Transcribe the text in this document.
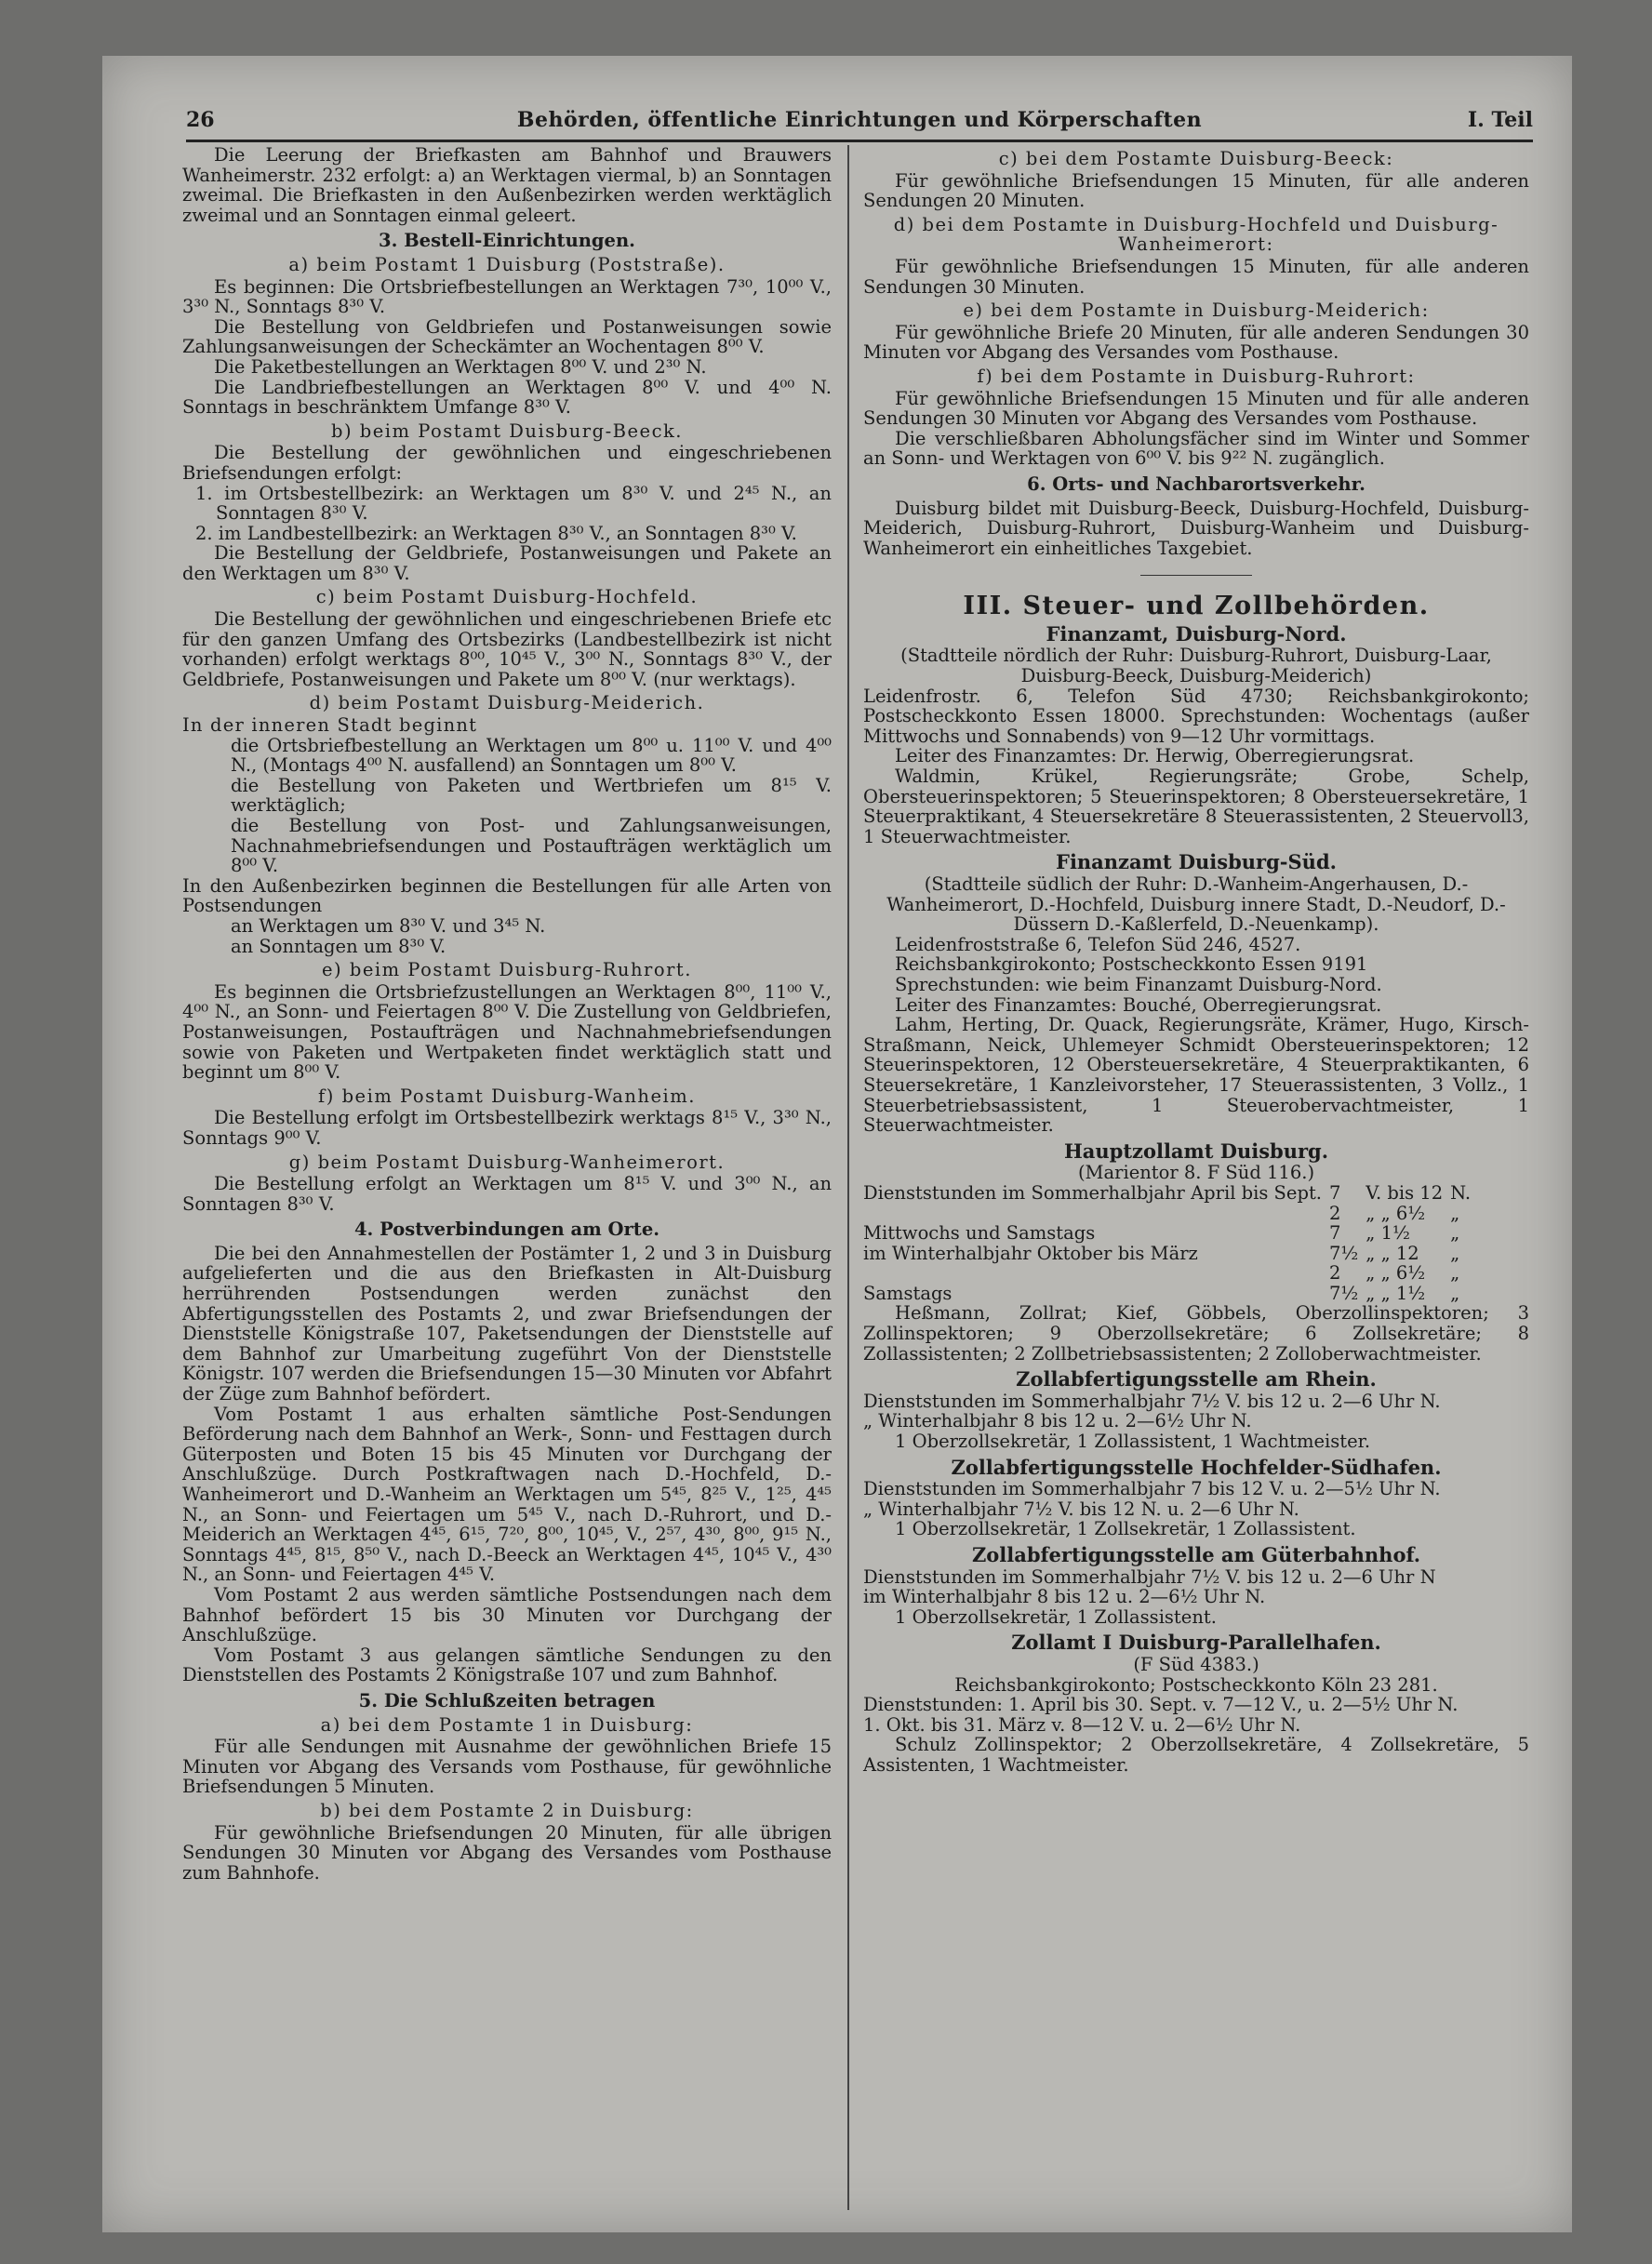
26	Behörden, öffentliche Einrichtungen und Körperschaften	I. Teil

Die Leerung der Briefkasten am Bahnhof und Brauwers Wanheimerstr. 232 erfolgt: a) an Werktagen viermal, b) an Sonntagen zweimal. Die Briefkasten in den Außenbezirken werden werktäglich zweimal und an Sonntagen einmal geleert.

3. Bestell-Einrichtungen.

a) beim Postamt 1 Duisburg (Poststraße).

Es beginnen: Die Ortsbriefbestellungen an Werktagen 7³⁰, 10⁰⁰ V., 3³⁰ N., Sonntags 8³⁰ V.

Die Bestellung von Geldbriefen und Postanweisungen sowie Zahlungsanweisungen der Scheckämter an Wochentagen 8⁰⁰ V.

Die Paketbestellungen an Werktagen 8⁰⁰ V. und 2³⁰ N.

Die Landbriefbestellungen an Werktagen 8⁰⁰ V. und 4⁰⁰ N. Sonntags in beschränktem Umfange 8³⁰ V.

b) beim Postamt Duisburg-Beeck.

Die Bestellung der gewöhnlichen und eingeschriebenen Briefsendungen erfolgt:

1. im Ortsbestellbezirk: an Werktagen um 8³⁰ V. und 2⁴⁵ N., an Sonntagen 8³⁰ V.

2. im Landbestellbezirk: an Werktagen 8³⁰ V., an Sonntagen 8³⁰ V.

Die Bestellung der Geldbriefe, Postanweisungen und Pakete an den Werktagen um 8³⁰ V.

c) beim Postamt Duisburg-Hochfeld.

Die Bestellung der gewöhnlichen und eingeschriebenen Briefe etc für den ganzen Umfang des Ortsbezirks (Landbestellbezirk ist nicht vorhanden) erfolgt werktags 8⁰⁰, 10⁴⁵ V., 3⁰⁰ N., Sonntags 8³⁰ V., der Geldbriefe, Postanweisungen und Pakete um 8⁰⁰ V. (nur werktags).

d) beim Postamt Duisburg-Meiderich.

In der inneren Stadt beginnt

die Ortsbriefbestellung an Werktagen um 8⁰⁰ u. 11⁰⁰ V. und 4⁰⁰ N., (Montags 4⁰⁰ N. ausfallend) an Sonntagen um 8⁰⁰ V.

die Bestellung von Paketen und Wertbriefen um 8¹⁵ V. werktäglich;

die Bestellung von Post- und Zahlungsanweisungen, Nachnahmebriefsendungen und Postaufträgen werktäglich um 8⁰⁰ V.

In den Außenbezirken beginnen die Bestellungen für alle Arten von Postsendungen

an Werktagen um 8³⁰ V. und 3⁴⁵ N.

an Sonntagen um 8³⁰ V.

e) beim Postamt Duisburg-Ruhrort.

Es beginnen die Ortsbriefzustellungen an Werktagen 8⁰⁰, 11⁰⁰ V., 4⁰⁰ N., an Sonn- und Feiertagen 8⁰⁰ V. Die Zustellung von Geldbriefen, Postanweisungen, Postaufträgen und Nachnahmebriefsendungen sowie von Paketen und Wertpaketen findet werktäglich statt und beginnt um 8⁰⁰ V.

f) beim Postamt Duisburg-Wanheim.

Die Bestellung erfolgt im Ortsbestellbezirk werktags 8¹⁵ V., 3³⁰ N., Sonntags 9⁰⁰ V.

g) beim Postamt Duisburg-Wanheimerort.

Die Bestellung erfolgt an Werktagen um 8¹⁵ V. und 3⁰⁰ N., an Sonntagen 8³⁰ V.

4. Postverbindungen am Orte.

Die bei den Annahmestellen der Postämter 1, 2 und 3 in Duisburg aufgelieferten und die aus den Briefkasten in Alt-Duisburg herrührenden Postsendungen werden zunächst den Abfertigungsstellen des Postamts 2, und zwar Briefsendungen der Dienststelle Königstraße 107, Paketsendungen der Dienststelle auf dem Bahnhof zur Umarbeitung zugeführt Von der Dienststelle Königstr. 107 werden die Briefsendungen 15—30 Minuten vor Abfahrt der Züge zum Bahnhof befördert.

Vom Postamt 1 aus erhalten sämtliche Post-Sendungen Beförderung nach dem Bahnhof an Werk-, Sonn- und Festtagen durch Güterposten und Boten 15 bis 45 Minuten vor Durchgang der Anschlußzüge. Durch Postkraftwagen nach D.-Hochfeld, D.-Wanheimerort und D.-Wanheim an Werktagen um 5⁴⁵, 8²⁵ V., 1²⁵, 4⁴⁵ N., an Sonn- und Feiertagen um 5⁴⁵ V., nach D.-Ruhrort, und D.-Meiderich an Werktagen 4⁴⁵, 6¹⁵, 7²⁰, 8⁰⁰, 10⁴⁵, V., 2⁵⁷, 4³⁰, 8⁰⁰, 9¹⁵ N., Sonntags 4⁴⁵, 8¹⁵, 8⁵⁰ V., nach D.-Beeck an Werktagen 4⁴⁵, 10⁴⁵ V., 4³⁰ N., an Sonn- und Feiertagen 4⁴⁵ V.

Vom Postamt 2 aus werden sämtliche Postsendungen nach dem Bahnhof befördert 15 bis 30 Minuten vor Durchgang der Anschlußzüge.

Vom Postamt 3 aus gelangen sämtliche Sendungen zu den Dienststellen des Postamts 2 Königstraße 107 und zum Bahnhof.

5. Die Schlußzeiten betragen

a) bei dem Postamte 1 in Duisburg:

Für alle Sendungen mit Ausnahme der gewöhnlichen Briefe 15 Minuten vor Abgang des Versands vom Posthause, für gewöhnliche Briefsendungen 5 Minuten.

b) bei dem Postamte 2 in Duisburg:

Für gewöhnliche Briefsendungen 20 Minuten, für alle übrigen Sendungen 30 Minuten vor Abgang des Versandes vom Posthause zum Bahnhofe.

c) bei dem Postamte Duisburg-Beeck:

Für gewöhnliche Briefsendungen 15 Minuten, für alle anderen Sendungen 20 Minuten.

d) bei dem Postamte in Duisburg-Hochfeld und Duisburg-Wanheimerort:

Für gewöhnliche Briefsendungen 15 Minuten, für alle anderen Sendungen 30 Minuten.

e) bei dem Postamte in Duisburg-Meiderich:

Für gewöhnliche Briefe 20 Minuten, für alle anderen Sendungen 30 Minuten vor Abgang des Versandes vom Posthause.

f) bei dem Postamte in Duisburg-Ruhrort:

Für gewöhnliche Briefsendungen 15 Minuten und für alle anderen Sendungen 30 Minuten vor Abgang des Versandes vom Posthause.

Die verschließbaren Abholungsfächer sind im Winter und Sommer an Sonn- und Werktagen von 6⁰⁰ V. bis 9²² N. zugänglich.

6. Orts- und Nachbarortsverkehr.

Duisburg bildet mit Duisburg-Beeck, Duisburg-Hochfeld, Duisburg-Meiderich, Duisburg-Ruhrort, Duisburg-Wanheim und Duisburg-Wanheimerort ein einheitliches Taxgebiet.

III. Steuer- und Zollbehörden.

Finanzamt, Duisburg-Nord.

(Stadtteile nördlich der Ruhr: Duisburg-Ruhrort, Duisburg-Laar, Duisburg-Beeck, Duisburg-Meiderich)

Leidenfrostr. 6, Telefon Süd 4730; Reichsbankgirokonto; Postscheckkonto Essen 18000. Sprechstunden: Wochentags (außer Mittwochs und Sonnabends) von 9—12 Uhr vormittags.

Leiter des Finanzamtes: Dr. Herwig, Oberregierungsrat.

Waldmin, Krükel, Regierungsräte; Grobe, Schelp, Obersteuerinspektoren; 5 Steuerinspektoren; 8 Obersteuersekretäre, 1 Steuerpraktikant, 4 Steuersekretäre 8 Steuerassistenten, 2 Steuervoll3, 1 Steuerwachtmeister.

Finanzamt Duisburg-Süd.

(Stadtteile südlich der Ruhr: D.-Wanheim-Angerhausen, D.-Wanheimerort, D.-Hochfeld, Duisburg innere Stadt, D.-Neudorf, D.-Düssern D.-Kaßlerfeld, D.-Neuenkamp).

Leidenfroststraße 6, Telefon Süd 246, 4527.

Reichsbankgirokonto; Postscheckkonto Essen 9191

Sprechstunden: wie beim Finanzamt Duisburg-Nord.

Leiter des Finanzamtes: Bouché, Oberregierungsrat.

Lahm, Herting, Dr. Quack, Regierungsräte, Krämer, Hugo, Kirsch-Straßmann, Neick, Uhlemeyer Schmidt Obersteuerinspektoren; 12 Steuerinspektoren, 12 Obersteuersekretäre, 4 Steuerpraktikanten, 6 Steuersekretäre, 1 Kanzleivorsteher, 17 Steuerassistenten, 3 Vollz., 1 Steuerbetriebsassistent, 1 Steuerobervachtmeister, 1 Steuerwachtmeister.

Hauptzollamt Duisburg.

(Marientor 8. F Süd 116.)

Dienststunden im Sommerhalbjahr April bis Sept.	7	V. bis 12	N.
	2	„ „ 6½	„
Mittwochs und Samstags	7	„ 1½	„
im Winterhalbjahr Oktober bis März	7½	„ „ 12	„
	2	„ „ 6½	„
Samstags	7½	„ „ 1½	„

Heßmann, Zollrat; Kief, Göbbels, Oberzollinspektoren; 3 Zollinspektoren; 9 Oberzollsekretäre; 6 Zollsekretäre; 8 Zollassistenten; 2 Zollbetriebsassistenten; 2 Zolloberwachtmeister.

Zollabfertigungsstelle am Rhein.

Dienststunden im Sommerhalbjahr 7½ V. bis 12 u. 2—6 Uhr N.

„ Winterhalbjahr 8 bis 12 u. 2—6½ Uhr N.

1 Oberzollsekretär, 1 Zollassistent, 1 Wachtmeister.

Zollabfertigungsstelle Hochfelder-Südhafen.

Dienststunden im Sommerhalbjahr 7 bis 12 V. u. 2—5½ Uhr N.

„ Winterhalbjahr 7½ V. bis 12 N. u. 2—6 Uhr N.

1 Oberzollsekretär, 1 Zollsekretär, 1 Zollassistent.

Zollabfertigungsstelle am Güterbahnhof.

Dienststunden im Sommerhalbjahr 7½ V. bis 12 u. 2—6 Uhr N

im Winterhalbjahr 8 bis 12 u. 2—6½ Uhr N.

1 Oberzollsekretär, 1 Zollassistent.

Zollamt I Duisburg-Parallelhafen.

(F Süd 4383.)

Reichsbankgirokonto; Postscheckkonto Köln 23 281.

Dienststunden: 1. April bis 30. Sept. v. 7—12 V., u. 2—5½ Uhr N.

1. Okt. bis 31. März v. 8—12 V. u. 2—6½ Uhr N.

Schulz Zollinspektor; 2 Oberzollsekretäre, 4 Zollsekretäre, 5 Assistenten, 1 Wachtmeister.
